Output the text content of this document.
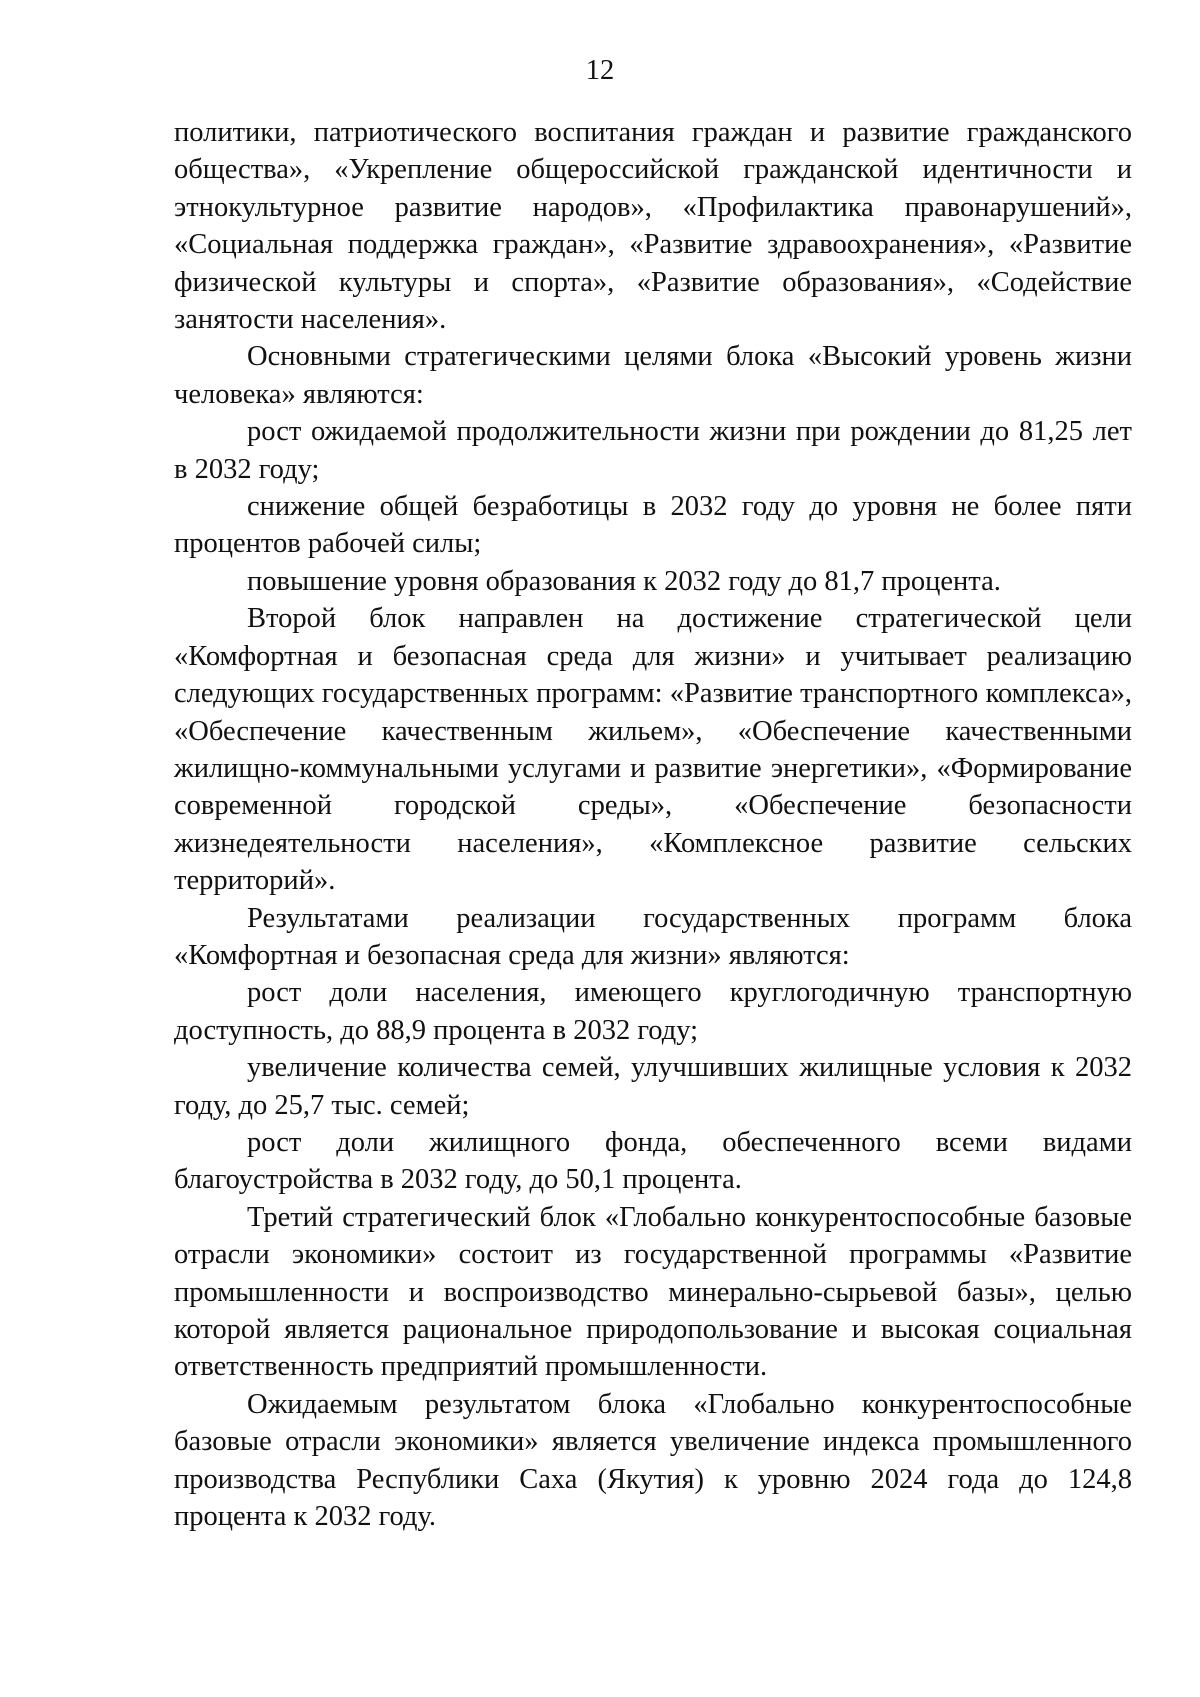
12

политики, патриотического воспитания граждан и развитие гражданского общества», «Укрепление общероссийской гражданской идентичности и этнокультурное развитие народов», «Профилактика правонарушений», «Социальная поддержка граждан», «Развитие здравоохранения», «Развитие физической культуры и спорта», «Развитие образования», «Содействие занятости населения».

Основными стратегическими целями блока «Высокий уровень жизни человека» являются:

рост ожидаемой продолжительности жизни при рождении до 81,25 лет в 2032 году;

снижение общей безработицы в 2032 году до уровня не более пяти процентов рабочей силы;

повышение уровня образования к 2032 году до 81,7 процента.

Второй блок направлен на достижение стратегической цели «Комфортная и безопасная среда для жизни» и учитывает реализацию следующих государственных программ: «Развитие транспортного комплекса», «Обеспечение качественным жильем», «Обеспечение качественными жилищно-коммунальными услугами и развитие энергетики», «Формирование современной городской среды», «Обеспечение безопасности жизнедеятельности населения», «Комплексное развитие сельских территорий».

Результатами реализации государственных программ блока «Комфортная и безопасная среда для жизни» являются:

рост доли населения, имеющего круглогодичную транспортную доступность, до 88,9 процента в 2032 году;

увеличение количества семей, улучшивших жилищные условия к 2032 году, до 25,7 тыс. семей;

рост доли жилищного фонда, обеспеченного всеми видами благоустройства в 2032 году, до 50,1 процента.

Третий стратегический блок «Глобально конкурентоспособные базовые отрасли экономики» состоит из государственной программы «Развитие промышленности и воспроизводство минерально-сырьевой базы», целью которой является рациональное природопользование и высокая социальная ответственность предприятий промышленности.

Ожидаемым результатом блока «Глобально конкурентоспособные базовые отрасли экономики» является увеличение индекса промышленного производства Республики Саха (Якутия) к уровню 2024 года до 124,8 процента к 2032 году.
